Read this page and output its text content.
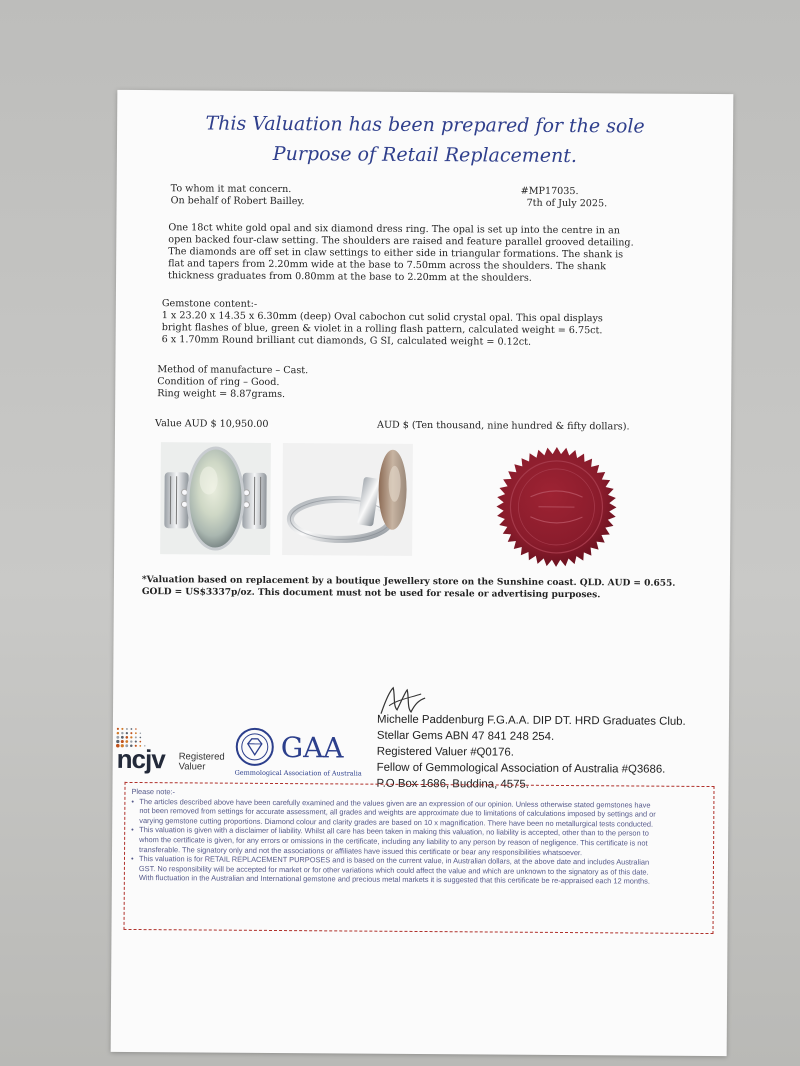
This Valuation has been prepared for the sole
Purpose of Retail Replacement.
To whom it mat concern.
On behalf of Robert Bailley.
#MP17035.
7th of July 2025.
One 18ct white gold opal and six diamond dress ring. The opal is set up into the centre in an
open backed four-claw setting. The shoulders are raised and feature parallel grooved detailing.
The diamonds are off set in claw settings to either side in triangular formations. The shank is
flat and tapers from 2.20mm wide at the base to 7.50mm across the shoulders. The shank
thickness graduates from 0.80mm at the base to 2.20mm at the shoulders.
Gemstone content:-
1 x 23.20 x 14.35 x 6.30mm (deep) Oval cabochon cut solid crystal opal. This opal displays
bright flashes of blue, green & violet in a rolling flash pattern, calculated weight = 6.75ct.
6 x 1.70mm Round brilliant cut diamonds, G SI, calculated weight = 0.12ct.
Method of manufacture – Cast.
Condition of ring – Good.
Ring weight = 8.87grams.
Value AUD $ 10,950.00	AUD $ (Ten thousand, nine hundred & fifty dollars).
*Valuation based on replacement by a boutique Jewellery store on the Sunshine coast. QLD. AUD = 0.655.
GOLD = US$3337p/oz. This document must not be used for resale or advertising purposes.
Michelle Paddenburg F.G.A.A. DIP DT. HRD Graduates Club.
Stellar Gems ABN 47 841 248 254.
Registered Valuer #Q0176.
Fellow of Gemmological Association of Australia #Q3686.
P.O Box 1686, Buddina, 4575.
ncjv Registered
Valuer
GAA
Gemmological Association of Australia
Please note:-
• The articles described above have been carefully examined and the values given are an expression of our opinion. Unless otherwise stated gemstones have
not been removed from settings for accurate assessment, all grades and weights are approximate due to limitations of calculations imposed by settings and or
varying gemstone cutting proportions. Diamond colour and clarity grades are based on 10 x magnification. There have been no metallurgical tests conducted.
• This valuation is given with a disclaimer of liability. Whilst all care has been taken in making this valuation, no liability is accepted, other than to the person to
whom the certificate is given, for any errors or omissions in the certificate, including any liability to any person by reason of negligence. This certificate is not
transferable. The signatory only and not the associations or affiliates have issued this certificate or bear any responsibilities whatsoever.
• This valuation is for RETAIL REPLACEMENT PURPOSES and is based on the current value, in Australian dollars, at the above date and includes Australian
GST. No responsibility will be accepted for market or for other variations which could affect the value and which are unknown to the signatory as of this date.
With fluctuation in the Australian and International gemstone and precious metal markets it is suggested that this certificate be re-appraised each 12 months.
